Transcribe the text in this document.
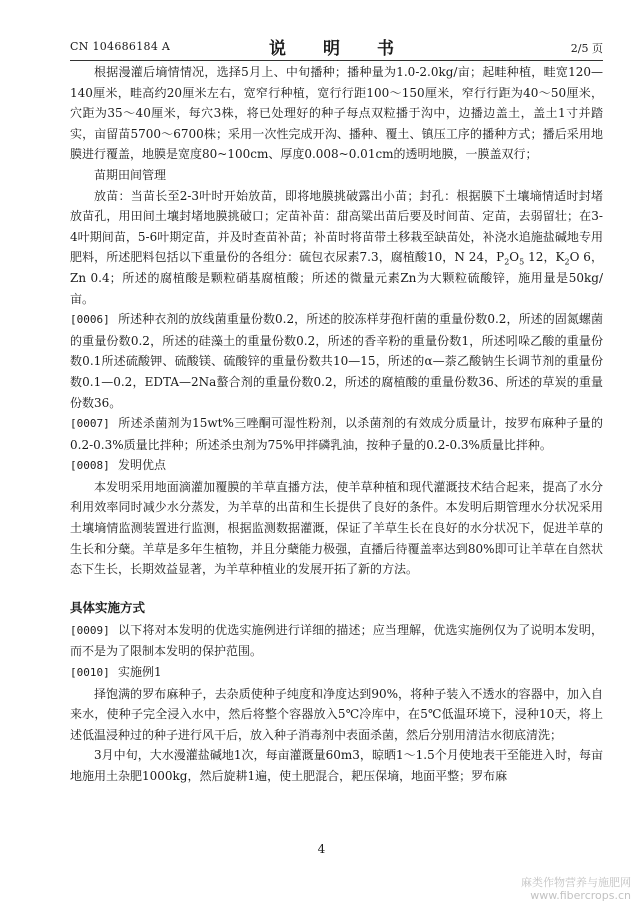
CN 104686184 A	说　明　书	2/5 页

根据漫灌后墒情情况，选择5月上、中旬播种；播种量为1.0-2.0kg/亩；起畦种植，畦宽120—140厘米，畦高约20厘米左右，宽窄行种植，宽行行距100～150厘米，窄行行距为40～50厘米，穴距为35～40厘米，每穴3株，将已处理好的种子每点双粒播于沟中，边播边盖土，盖土1寸并踏实，亩留苗5700～6700株；采用一次性完成开沟、播种、覆土、镇压工序的播种方式；播后采用地膜进行覆盖，地膜是宽度80~100cm、厚度0.008~0.01cm的透明地膜，一膜盖双行；

苗期田间管理

放苗：当苗长至2-3叶时开始放苗，即将地膜挑破露出小苗；封孔：根据膜下土壤墒情适时封堵放苗孔，用田间土壤封堵地膜挑破口；定苗补苗：甜高粱出苗后要及时间苗、定苗，去弱留壮；在3-4叶期间苗，5-6叶期定苗，并及时查苗补苗；补苗时将苗带土移栽至缺苗处，补浇水追施盐碱地专用肥料，所述肥料包括以下重量份的各组分：硫包衣尿素7.3，腐植酸10，N 24，$P_2O_5$ 12，$K_2O$ 6，Zn 0.4；所述的腐植酸是颗粒硝基腐植酸；所述的微量元素Zn为大颗粒硫酸锌，施用量是50kg/亩。

[0006] 所述种衣剂的放线菌重量份数0.2，所述的胶冻样芽孢杆菌的重量份数0.2，所述的固氮螺菌的重量份数0.2，所述的硅藻土的重量份数0.2，所述的香辛粉的重量份数1，所述吲哚乙酸的重量份数0.1所述硫酸钾、硫酸镁、硫酸锌的重量份数共10—15，所述的α—萘乙酸钠生长调节剂的重量份数0.1—0.2，EDTA—2Na螯合剂的重量份数0.2，所述的腐植酸的重量份数36、所述的草炭的重量份数36。

[0007] 所述杀菌剂为15wt%三唑酮可湿性粉剂，以杀菌剂的有效成分质量计，按罗布麻种子量的0.2-0.3%质量比拌种；所述杀虫剂为75%甲拌磷乳油，按种子量的0.2-0.3%质量比拌种。

[0008] 发明优点

本发明采用地面滴灌加覆膜的羊草直播方法，使羊草种植和现代灌溉技术结合起来，提高了水分利用效率同时减少水分蒸发，为羊草的出苗和生长提供了良好的条件。本发明后期管理水分状况采用土壤墒情监测装置进行监测，根据监测数据灌溉，保证了羊草生长在良好的水分状况下，促进羊草的生长和分蘖。羊草是多年生植物，并且分蘖能力极强，直播后待覆盖率达到80%即可让羊草在自然状态下生长，长期效益显著，为羊草种植业的发展开拓了新的方法。

具体实施方式

[0009] 以下将对本发明的优选实施例进行详细的描述；应当理解，优选实施例仅为了说明本发明，而不是为了限制本发明的保护范围。

[0010] 实施例1

择饱满的罗布麻种子，去杂质使种子纯度和净度达到90%，将种子装入不透水的容器中，加入自来水，使种子完全浸入水中，然后将整个容器放入5℃冷库中，在5℃低温环境下，浸种10天，将上述低温浸种过的种子进行风干后，放入种子消毒剂中表面杀菌，然后分别用清洁水彻底清洗；

3月中旬，大水漫灌盐碱地1次，每亩灌溉量60m3，晾晒1～1.5个月使地表干至能进入时，每亩地施用土杂肥1000kg，然后旋耕1遍，使土肥混合，耙压保墒，地面平整；罗布麻

4
麻类作物营养与施肥网
www.fibercrops.cn
